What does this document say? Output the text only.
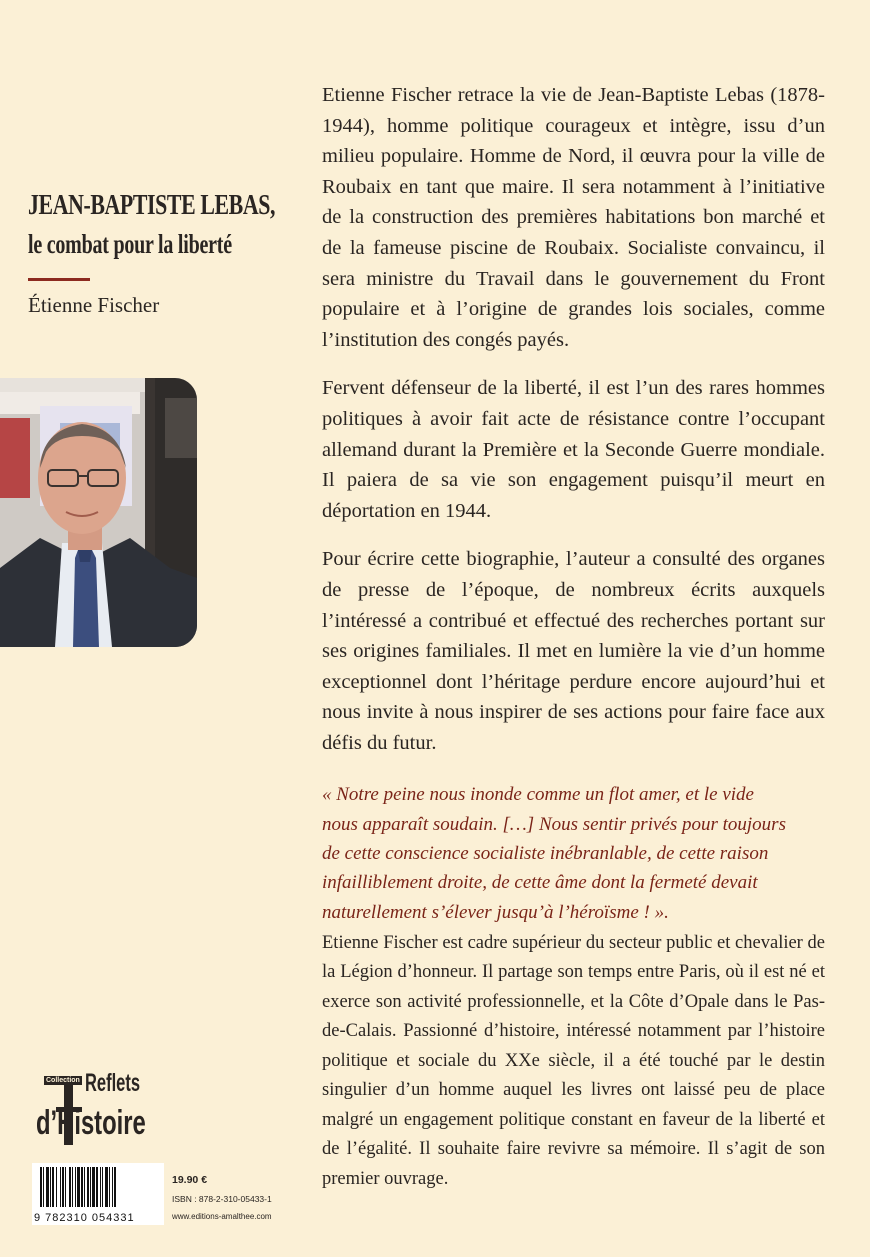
JEAN-BAPTISTE LEBAS,
le combat pour la liberté
Étienne Fischer

Etienne Fischer retrace la vie de Jean-Baptiste Lebas (1878-1944), homme politique courageux et intègre, issu d’un milieu populaire. Homme de Nord, il œuvra pour la ville de Roubaix en tant que maire. Il sera notamment à l’initiative de la construction des premières habitations bon marché et de la fameuse piscine de Roubaix. Socialiste convaincu, il sera ministre du Travail dans le gouvernement du Front populaire et à l’origine de grandes lois sociales, comme l’institution des congés payés.

Fervent défenseur de la liberté, il est l’un des rares hommes politiques à avoir fait acte de résistance contre l’occupant allemand durant la Première et la Seconde Guerre mondiale. Il paiera de sa vie son engagement puisqu’il meurt en déportation en 1944.

Pour écrire cette biographie, l’auteur a consulté des organes de presse de l’époque, de nombreux écrits auxquels l’intéressé a contribué et effectué des recherches portant sur ses origines familiales. Il met en lumière la vie d’un homme exceptionnel dont l’héritage perdure encore aujourd’hui et nous invite à nous inspirer de ses actions pour faire face aux défis du futur.

« Notre peine nous inonde comme un flot amer, et le vide
nous apparaît soudain. […] Nous sentir privés pour toujours
de cette conscience socialiste inébranlable, de cette raison
infailliblement droite, de cette âme dont la fermeté devait
naturellement s’élever jusqu’à l’héroïsme ! ».

Etienne Fischer est cadre supérieur du secteur public et chevalier de la Légion d’honneur. Il partage son temps entre Paris, où il est né et exerce son activité professionnelle, et la Côte d’Opale dans le Pas-de-Calais. Passionné d’histoire, intéressé notamment par l’histoire politique et sociale du XXe siècle, il a été touché par le destin singulier d’un homme auquel les livres ont laissé peu de place malgré un engagement politique constant en faveur de la liberté et de l’égalité. Il souhaite faire revivre sa mémoire. Il s’agit de son premier ouvrage.

Collection Reflets
d’Histoire
9 782310 054331
19.90 €
ISBN : 878-2-310-05433-1
www.editions-amalthee.com
